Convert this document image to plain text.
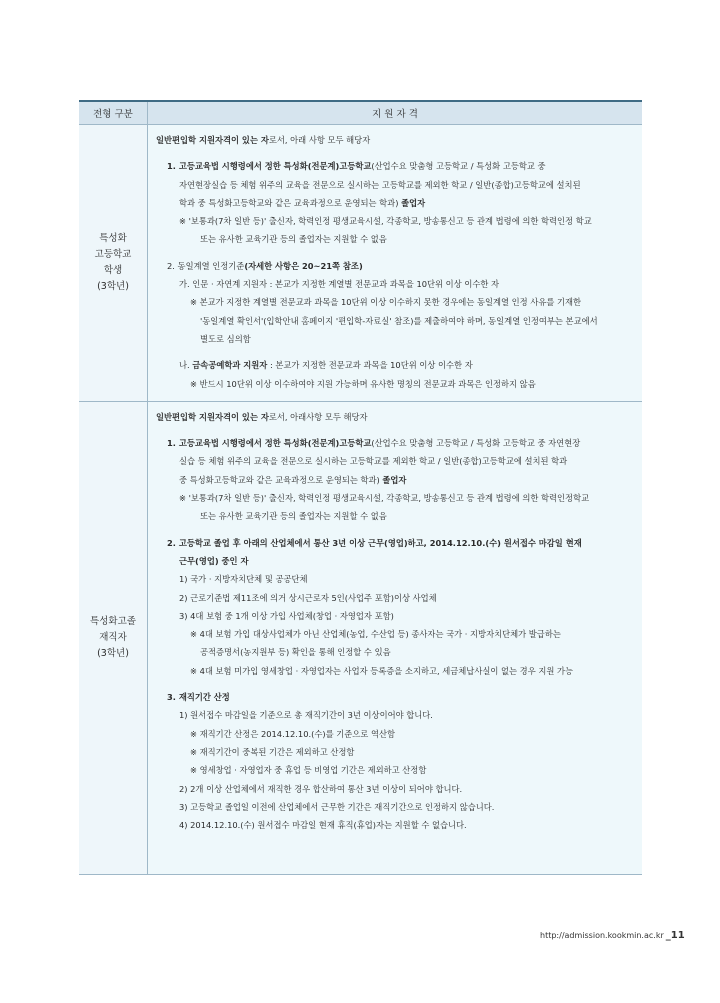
전형 구분	지 원 자 격
특성화
고등학교
학생
(3학년)

일반편입학 지원자격이 있는 자로서, 아래 사항 모두 해당자

1. 고등교육법 시행령에서 정한 특성화(전문계)고등학교(산업수요 맞춤형 고등학교 / 특성화 고등학교 중

자연현장실습 등 체험 위주의 교육을 전문으로 실시하는 고등학교를 제외한 학교 / 일반(종합)고등학교에 설치된

학과 중 특성화고등학교와 같은 교육과정으로 운영되는 학과) 졸업자

※ '보통과(7차 일반 등)' 출신자, 학력인정 평생교육시설, 각종학교, 방송통신고 등 관계 법령에 의한 학력인정 학교

또는 유사한 교육기관 등의 졸업자는 지원할 수 없음

2. 동일계열 인정기준(자세한 사항은 20~21쪽 참조)

가. 인문 · 자연계 지원자 : 본교가 지정한 계열별 전문교과 과목을 10단위 이상 이수한 자

※ 본교가 지정한 계열별 전문교과 과목을 10단위 이상 이수하지 못한 경우에는 동일계열 인정 사유를 기재한

'동일계열 확인서'(입학안내 홈페이지 '편입학-자료실' 참조)를 제출하여야 하며, 동일계열 인정여부는 본교에서

별도로 심의함

나. 금속공예학과 지원자 : 본교가 지정한 전문교과 과목을 10단위 이상 이수한 자

※ 반드시 10단위 이상 이수하여야 지원 가능하며 유사한 명칭의 전문교과 과목은 인정하지 않음

특성화고졸
재직자
(3학년)

일반편입학 지원자격이 있는 자로서, 아래사항 모두 해당자

1. 고등교육법 시행령에서 정한 특성화(전문계)고등학교(산업수요 맞춤형 고등학교 / 특성화 고등학교 중 자연현장

실습 등 체험 위주의 교육을 전문으로 실시하는 고등학교를 제외한 학교 / 일반(종합)고등학교에 설치된 학과

중 특성화고등학교와 같은 교육과정으로 운영되는 학과) 졸업자

※ '보통과(7차 일반 등)' 출신자, 학력인정 평생교육시설, 각종학교, 방송통신고 등 관계 법령에 의한 학력인정학교

또는 유사한 교육기관 등의 졸업자는 지원할 수 없음

2. 고등학교 졸업 후 아래의 산업체에서 통산 3년 이상 근무(영업)하고, 2014.12.10.(수) 원서접수 마감일 현재

근무(영업) 중인 자

1) 국가 · 지방자치단체 및 공공단체

2) 근로기준법 제11조에 의거 상시근로자 5인(사업주 포함)이상 사업체

3) 4대 보험 중 1개 이상 가입 사업체(창업 · 자영업자 포함)

※ 4대 보험 가입 대상사업체가 아닌 산업체(농업, 수산업 등) 종사자는 국가 · 지방자치단체가 발급하는

공적증명서(농지원부 등) 확인을 통해 인정할 수 있음

※ 4대 보험 미가입 영세창업 · 자영업자는 사업자 등록증을 소지하고, 세금체납사실이 없는 경우 지원 가능

3. 재직기간 산정

1) 원서접수 마감일을 기준으로 총 재직기간이 3년 이상이어야 합니다.

※ 재직기간 산정은 2014.12.10.(수)를 기준으로 역산함

※ 재직기간이 중복된 기간은 제외하고 산정함

※ 영세창업 · 자영업자 중 휴업 등 비영업 기간은 제외하고 산정함

2) 2개 이상 산업체에서 재직한 경우 합산하여 통산 3년 이상이 되어야 합니다.

3) 고등학교 졸업일 이전에 산업체에서 근무한 기간은 재직기간으로 인정하지 않습니다.

4) 2014.12.10.(수) 원서접수 마감일 현재 휴직(휴업)자는 지원할 수 없습니다.

http://admission.kookmin.ac.kr _11
